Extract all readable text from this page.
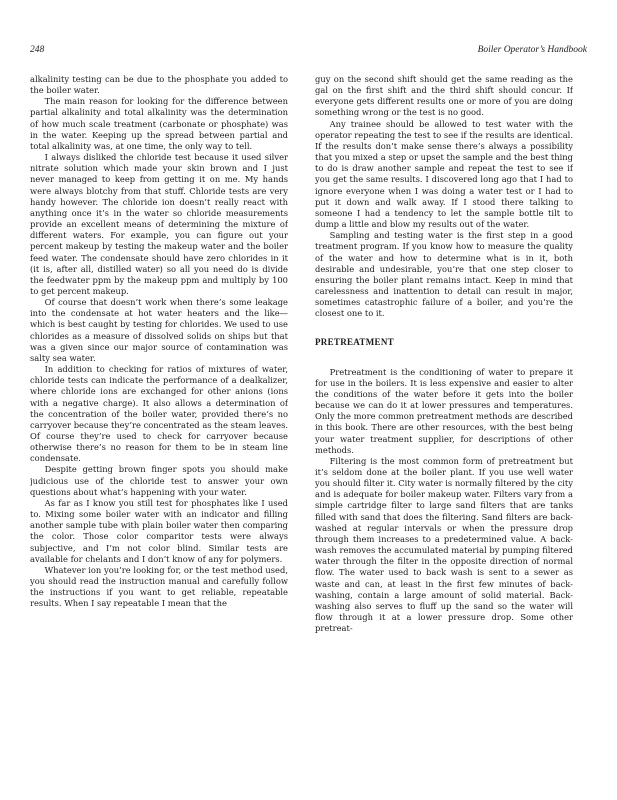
248	Boiler Operator’s Handbook

alkalinity testing can be due to the phosphate you added to the boiler water.

The main reason for looking for the difference between partial alkalinity and total alkalinity was the determination of how much scale treatment (carbonate or phosphate) was in the water. Keeping up the spread between partial and total alkalinity was, at one time, the only way to tell.

I always disliked the chloride test because it used silver nitrate solution which made your skin brown and I just never managed to keep from getting it on me. My hands were always blotchy from that stuff. Chloride tests are very handy however. The chloride ion doesn’t really react with anything once it’s in the water so chloride measurements provide an excellent means of determining the mixture of different waters. For example, you can figure out your percent makeup by testing the makeup water and the boiler feed water. The condensate should have zero chlorides in it (it is, after all, distilled water) so all you need do is divide the feedwater ppm by the makeup ppm and multiply by 100 to get percent makeup.

Of course that doesn’t work when there’s some leakage into the condensate at hot water heaters and the like—which is best caught by testing for chlorides. We used to use chlorides as a measure of dissolved solids on ships but that was a given since our major source of contamination was salty sea water.

In addition to checking for ratios of mixtures of water, chloride tests can indicate the performance of a dealkalizer, where chloride ions are exchanged for other anions (ions with a negative charge). It also allows a determination of the concentration of the boiler water, provided there’s no carryover because they’re concentrated as the steam leaves. Of course they’re used to check for carryover because otherwise there’s no reason for them to be in steam line condensate.

Despite getting brown finger spots you should make judicious use of the chloride test to answer your own questions about what’s happening with your water.

As far as I know you still test for phosphates like I used to. Mixing some boiler water with an indicator and filling another sample tube with plain boiler water then comparing the color. Those color comparitor tests were always subjective, and I’m not color blind. Similar tests are available for chelants and I don’t know of any for polymers.

Whatever ion you’re looking for, or the test method used, you should read the instruction manual and carefully follow the instructions if you want to get reliable, repeatable results. When I say repeatable I mean that the

guy on the second shift should get the same reading as the gal on the first shift and the third shift should concur. If everyone gets different results one or more of you are doing something wrong or the test is no good.

Any trainee should be allowed to test water with the operator repeating the test to see if the results are identical. If the results don’t make sense there’s always a possibility that you mixed a step or upset the sample and the best thing to do is draw another sample and repeat the test to see if you get the same results. I discovered long ago that I had to ignore everyone when I was doing a water test or I had to put it down and walk away. If I stood there talking to someone I had a tendency to let the sample bottle tilt to dump a little and blow my results out of the water.

Sampling and testing water is the first step in a good treatment program. If you know how to measure the quality of the water and how to determine what is in it, both desirable and undesirable, you’re that one step closer to ensuring the boiler plant remains intact. Keep in mind that carelessness and inattention to detail can result in major, sometimes catastrophic failure of a boiler, and you’re the closest one to it.

PRETREATMENT

Pretreatment is the conditioning of water to prepare it for use in the boilers. It is less expensive and easier to alter the conditions of the water before it gets into the boiler because we can do it at lower pressures and temperatures. Only the more common pretreatment methods are described in this book. There are other resources, with the best being your water treatment supplier, for descriptions of other methods.

Filtering is the most common form of pretreatment but it’s seldom done at the boiler plant. If you use well water you should filter it. City water is normally filtered by the city and is adequate for boiler makeup water. Filters vary from a simple cartridge filter to large sand filters that are tanks filled with sand that does the filtering. Sand filters are back-washed at regular intervals or when the pressure drop through them increases to a predetermined value. A back-wash removes the accumulated material by pumping filtered water through the filter in the opposite direction of normal flow. The water used to back wash is sent to a sewer as waste and can, at least in the first few minutes of back-washing, contain a large amount of solid material. Back-washing also serves to fluff up the sand so the water will flow through it at a lower pressure drop. Some other pretreat-
